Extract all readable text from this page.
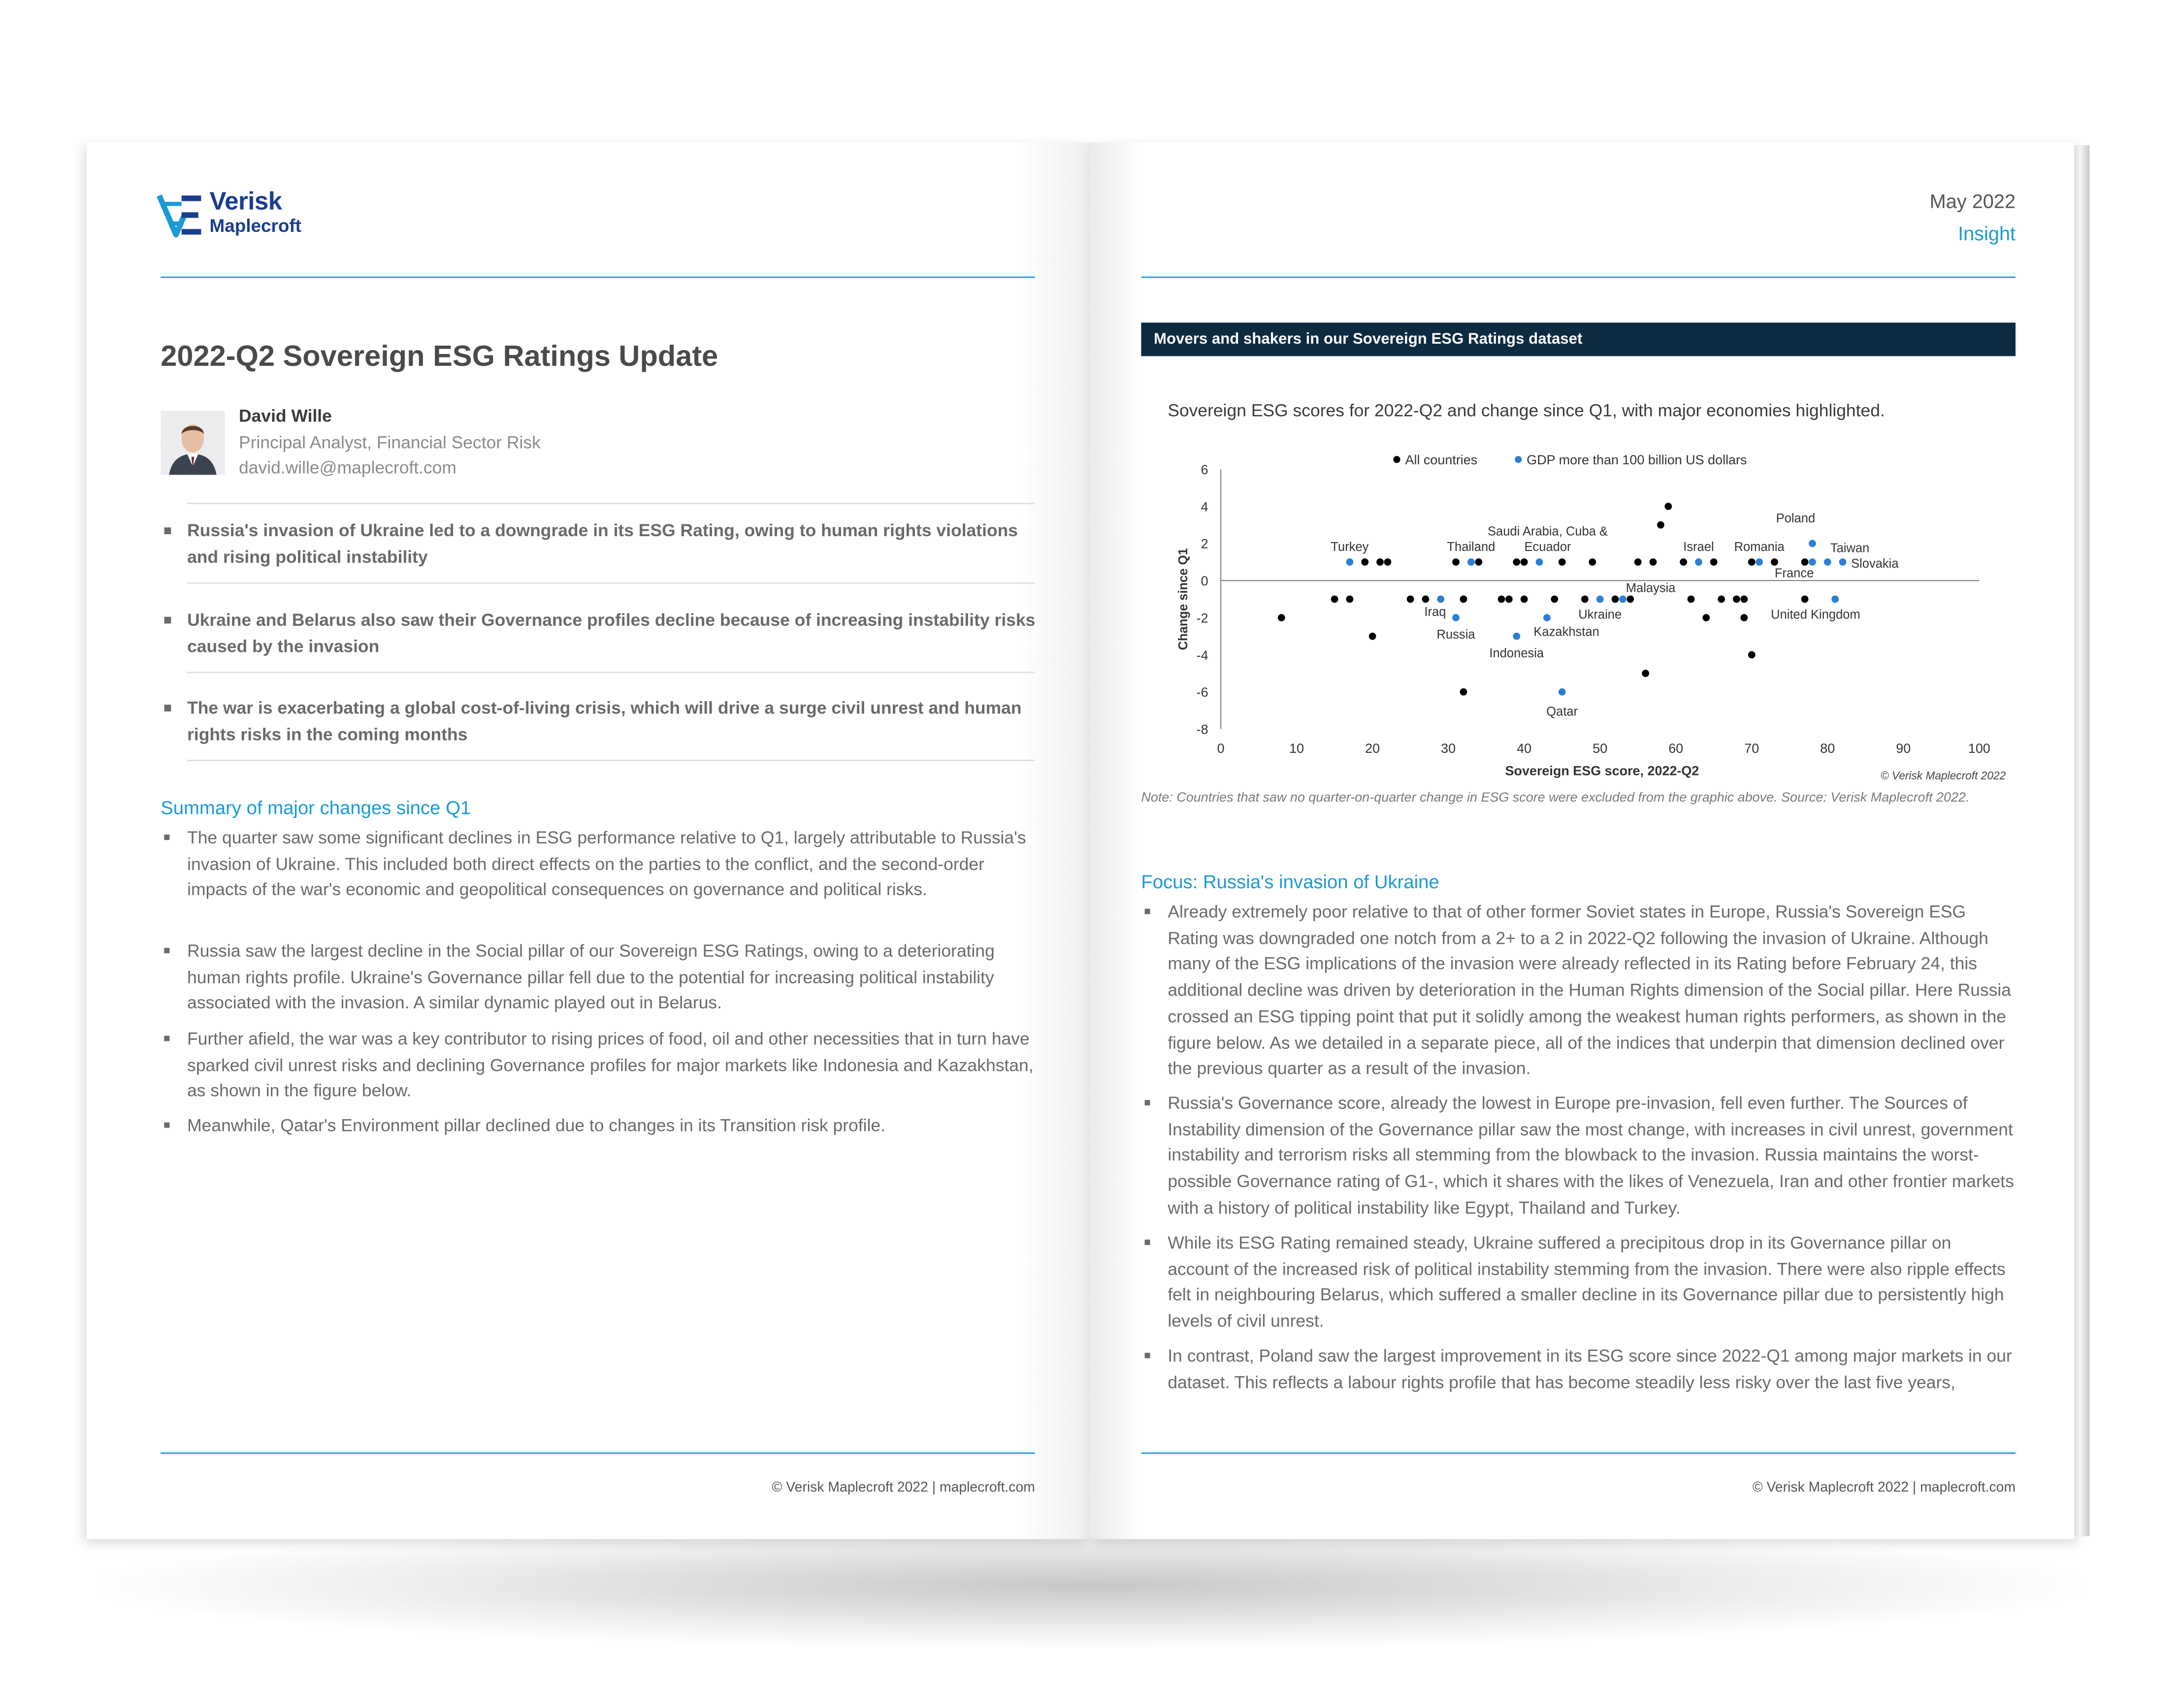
Verisk
Maplecroft
2022-Q2 Sovereign ESG Ratings Update
David Wille
Principal Analyst, Financial Sector Risk
david.wille@maplecroft.com
■ Russia's invasion of Ukraine led to a downgrade in its ESG Rating, owing to human rights violations and rising political instability
■ Ukraine and Belarus also saw their Governance profiles decline because of increasing instability risks caused by the invasion
■ The war is exacerbating a global cost-of-living crisis, which will drive a surge civil unrest and human rights risks in the coming months
Summary of major changes since Q1
■	The quarter saw some significant declines in ESG performance relative to Q1, largely attributable to Russia's invasion of Ukraine. This included both direct effects on the parties to the conflict, and the second-order impacts of the war's economic and geopolitical consequences on governance and political risks.
■	Russia saw the largest decline in the Social pillar of our Sovereign ESG Ratings, owing to a deteriorating human rights profile. Ukraine's Governance pillar fell due to the potential for increasing political instability associated with the invasion. A similar dynamic played out in Belarus.
■	Further afield, the war was a key contributor to rising prices of food, oil and other necessities that in turn have sparked civil unrest risks and declining Governance profiles for major markets like Indonesia and Kazakhstan, as shown in the figure below.
■	Meanwhile, Qatar's Environment pillar declined due to changes in its Transition risk profile.
© Verisk Maplecroft 2022 | maplecroft.com
May 2022
Insight
Movers and shakers in our Sovereign ESG Ratings dataset
Sovereign ESG scores for 2022-Q2 and change since Q1, with major economies highlighted.
All countries	GDP more than 100 billion US dollars
6
4
2
0
-2
-4
-6
-8
0	10	20	30	40	50	60	70	80	90	100
Turkey
Iraq
Russia
Thailand
Indonesia
Saudi Arabia, Cuba &
Ecuador
Kazakhstan
Qatar
Ukraine
Malaysia
Israel	Romania
France
Poland
Taiwan
Slovakia
United Kingdom
Change since Q1
Sovereign ESG score, 2022-Q2	© Verisk Maplecroft 2022
Note: Countries that saw no quarter-on-quarter change in ESG score were excluded from the graphic above. Source: Verisk Maplecroft 2022.
Focus: Russia's invasion of Ukraine
■	Already extremely poor relative to that of other former Soviet states in Europe, Russia's Sovereign ESG Rating was downgraded one notch from a 2+ to a 2 in 2022-Q2 following the invasion of Ukraine. Although many of the ESG implications of the invasion were already reflected in its Rating before February 24, this additional decline was driven by deterioration in the Human Rights dimension of the Social pillar. Here Russia crossed an ESG tipping point that put it solidly among the weakest human rights performers, as shown in the figure below. As we detailed in a separate piece, all of the indices that underpin that dimension declined over the previous quarter as a result of the invasion.
■	Russia's Governance score, already the lowest in Europe pre-invasion, fell even further. The Sources of Instability dimension of the Governance pillar saw the most change, with increases in civil unrest, government instability and terrorism risks all stemming from the blowback to the invasion. Russia maintains the worst-possible Governance rating of G1-, which it shares with the likes of Venezuela, Iran and other frontier markets with a history of political instability like Egypt, Thailand and Turkey.
■	While its ESG Rating remained steady, Ukraine suffered a precipitous drop in its Governance pillar on account of the increased risk of political instability stemming from the invasion. There were also ripple effects felt in neighbouring Belarus, which suffered a smaller decline in its Governance pillar due to persistently high levels of civil unrest.
■	In contrast, Poland saw the largest improvement in its ESG score since 2022-Q1 among major markets in our dataset. This reflects a labour rights profile that has become steadily less risky over the last five years,
© Verisk Maplecroft 2022 | maplecroft.com
